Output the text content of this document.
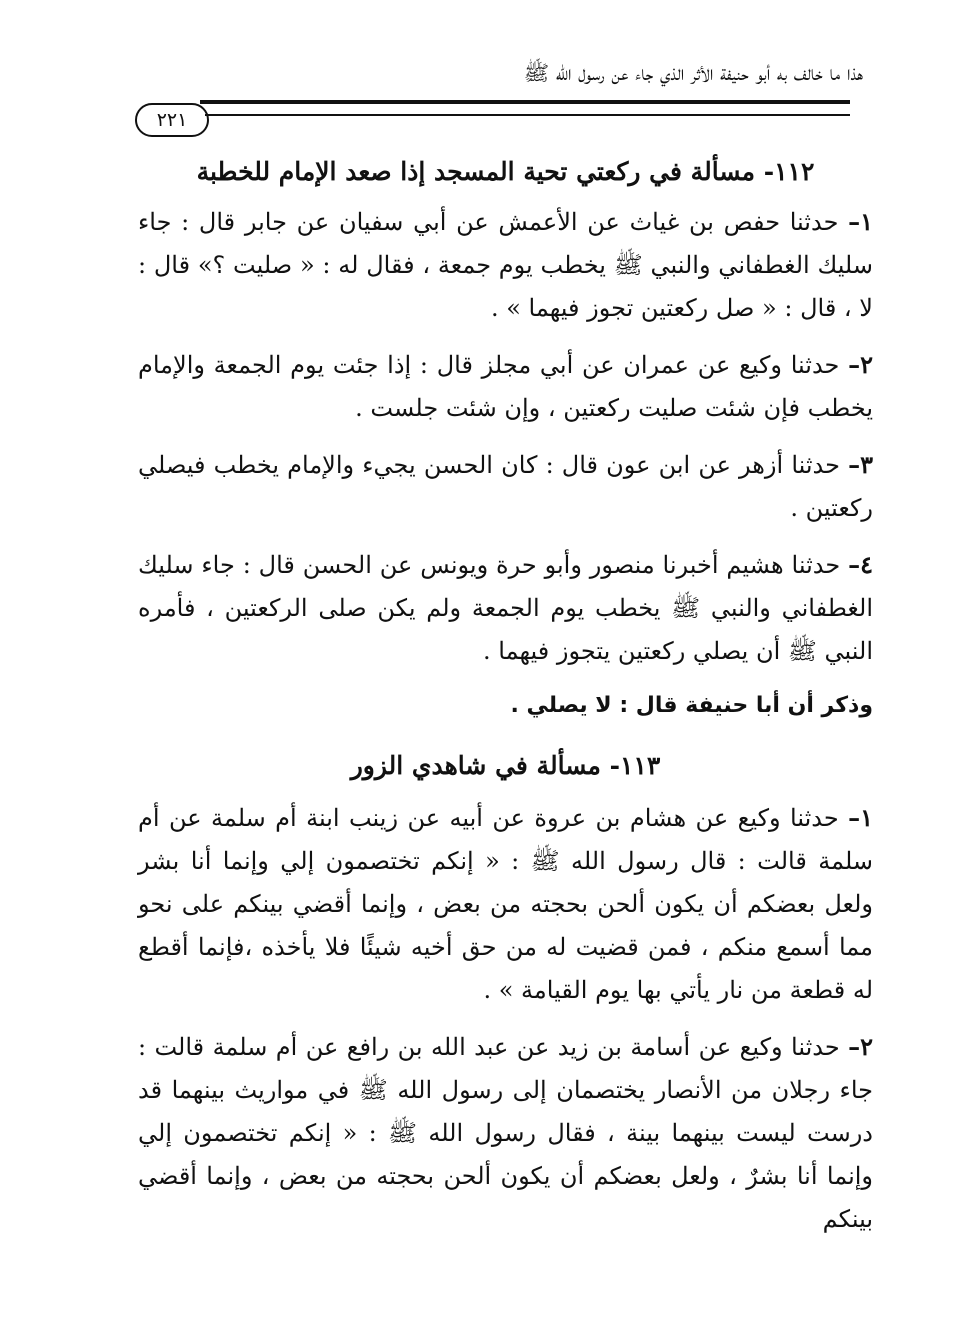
هذا ما خالف به أبو حنيفة الأثر الذي جاء عن رسول الله ﷺ
٢٢١
١١٢- مسألة في ركعتي تحية المسجد إذا صعد الإمام للخطبة

١– حدثنا حفص بن غياث عن الأعمش عن أبي سفيان عن جابر قال : جاء سليك الغطفاني والنبي ﷺ يخطب يوم جمعة ، فقال له : « صليت ؟» قال : لا ، قال : « صل ركعتين تجوز فيهما » .

٢– حدثنا وكيع عن عمران عن أبي مجلز قال : إذا جئت يوم الجمعة والإمام يخطب فإن شئت صليت ركعتين ، وإن شئت جلست .

٣– حدثنا أزهر عن ابن عون قال : كان الحسن يجيء والإمام يخطب فيصلي ركعتين .

٤– حدثنا هشيم أخبرنا منصور وأبو حرة ويونس عن الحسن قال : جاء سليك الغطفاني والنبي ﷺ يخطب يوم الجمعة ولم يكن صلى الركعتين ، فأمره النبي ﷺ أن يصلي ركعتين يتجوز فيهما .

وذكر أن أبا حنيفة قال : لا يصلي .

١١٣- مسألة في شاهدي الزور

١– حدثنا وكيع عن هشام بن عروة عن أبيه عن زينب ابنة أم سلمة عن أم سلمة قالت : قال رسول الله ﷺ : « إنكم تختصمون إلي وإنما أنا بشر ولعل بعضكم أن يكون ألحن بحجته من بعض ، وإنما أقضي بينكم على نحو مما أسمع منكم ، فمن قضيت له من حق أخيه شيئًا فلا يأخذه ،فإنما أقطع له قطعة من نار يأتي بها يوم القيامة » .

٢– حدثنا وكيع عن أسامة بن زيد عن عبد الله بن رافع عن أم سلمة قالت : جاء رجلان من الأنصار يختصمان إلى رسول الله ﷺ في مواريث بينهما قد درست ليست بينهما بينة ، فقال رسول الله ﷺ : « إنكم تختصمون إلي وإنما أنا بشرٌ ، ولعل بعضكم أن يكون ألحن بحجته من بعض ، وإنما أقضي بينكم
